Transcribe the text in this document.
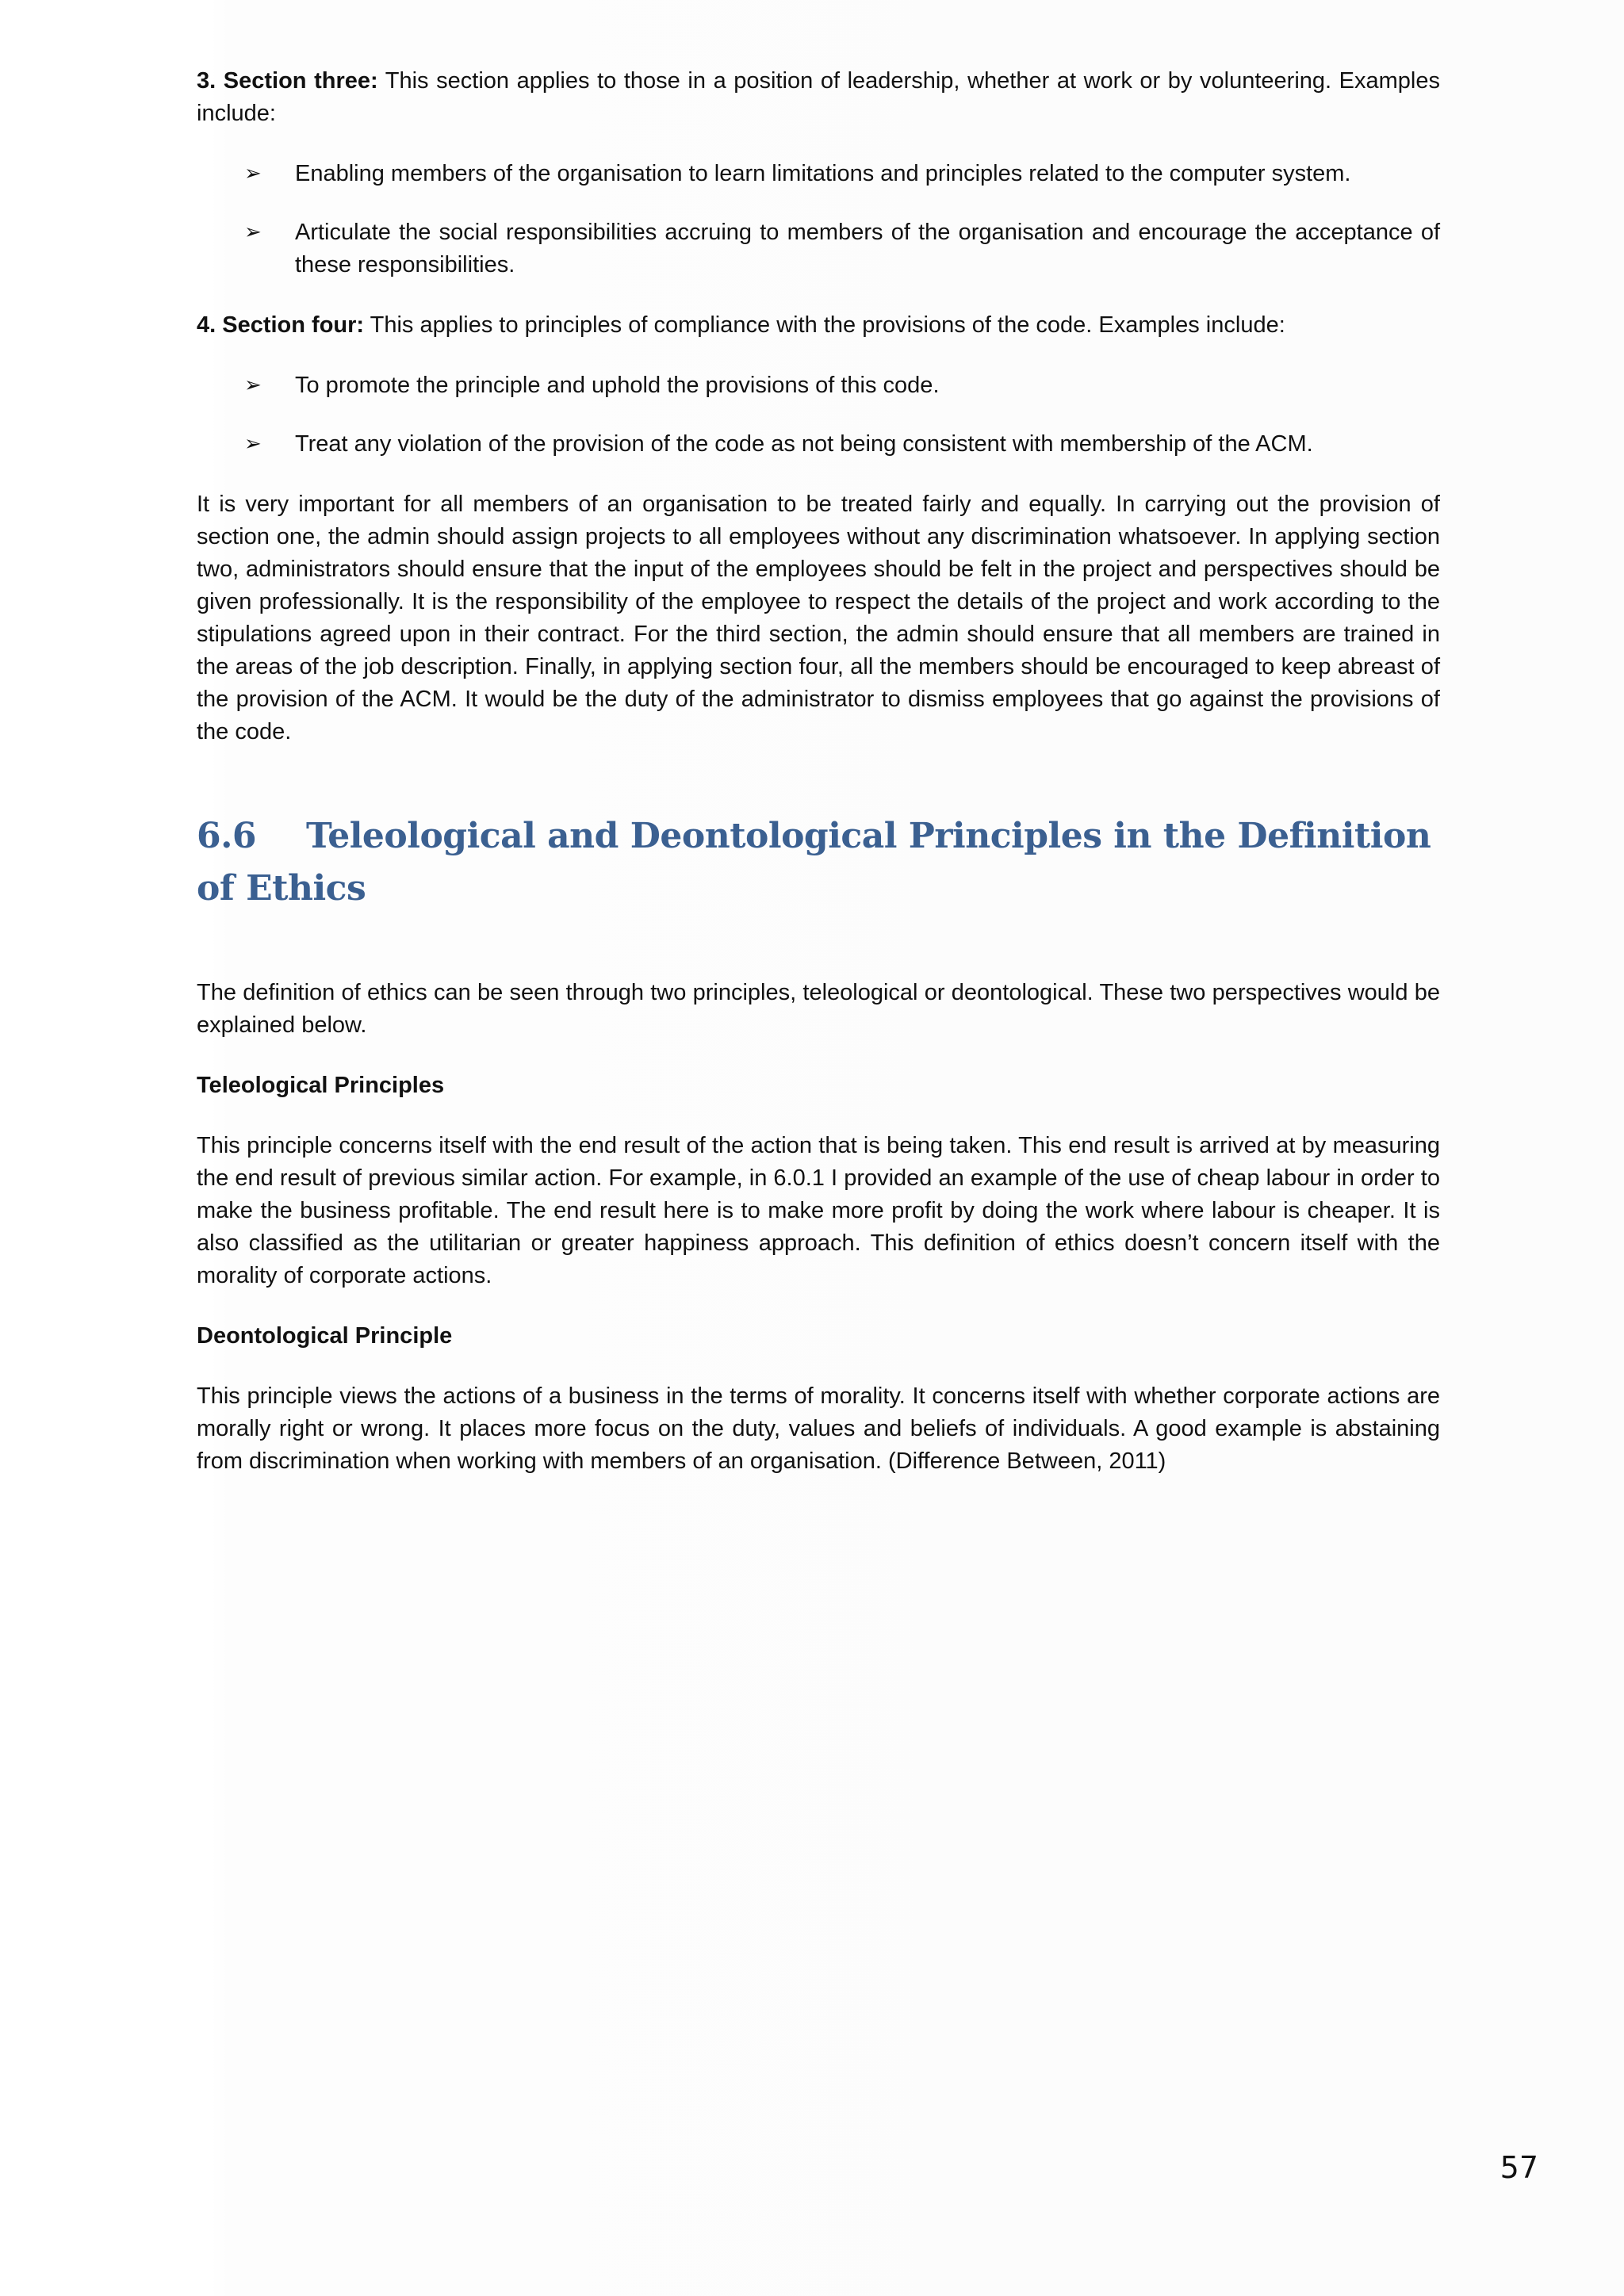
3. Section three: This section applies to those in a position of leadership, whether at work or by volunteering. Examples include:

➢ Enabling members of the organisation to learn limitations and principles related to the computer system.
➢ Articulate the social responsibilities accruing to members of the organisation and encourage the acceptance of these responsibilities.

4. Section four: This applies to principles of compliance with the provisions of the code. Examples include:

➢ To promote the principle and uphold the provisions of this code.
➢ Treat any violation of the provision of the code as not being consistent with membership of the ACM.

It is very important for all members of an organisation to be treated fairly and equally. In carrying out the provision of section one, the admin should assign projects to all employees without any discrimination whatsoever. In applying section two, administrators should ensure that the input of the employees should be felt in the project and perspectives should be given professionally. It is the responsibility of the employee to respect the details of the project and work according to the stipulations agreed upon in their contract. For the third section, the admin should ensure that all members are trained in the areas of the job description. Finally, in applying section four, all the members should be encouraged to keep abreast of the provision of the ACM. It would be the duty of the administrator to dismiss employees that go against the provisions of the code.

6.6 Teleological and Deontological Principles in the Definition of Ethics

The definition of ethics can be seen through two principles, teleological or deontological. These two perspectives would be explained below.

Teleological Principles

This principle concerns itself with the end result of the action that is being taken. This end result is arrived at by measuring the end result of previous similar action. For example, in 6.0.1 I provided an example of the use of cheap labour in order to make the business profitable. The end result here is to make more profit by doing the work where labour is cheaper. It is also classified as the utilitarian or greater happiness approach. This definition of ethics doesn’t concern itself with the morality of corporate actions.

Deontological Principle

This principle views the actions of a business in the terms of morality. It concerns itself with whether corporate actions are morally right or wrong. It places more focus on the duty, values and beliefs of individuals. A good example is abstaining from discrimination when working with members of an organisation. (Difference Between, 2011)

57
